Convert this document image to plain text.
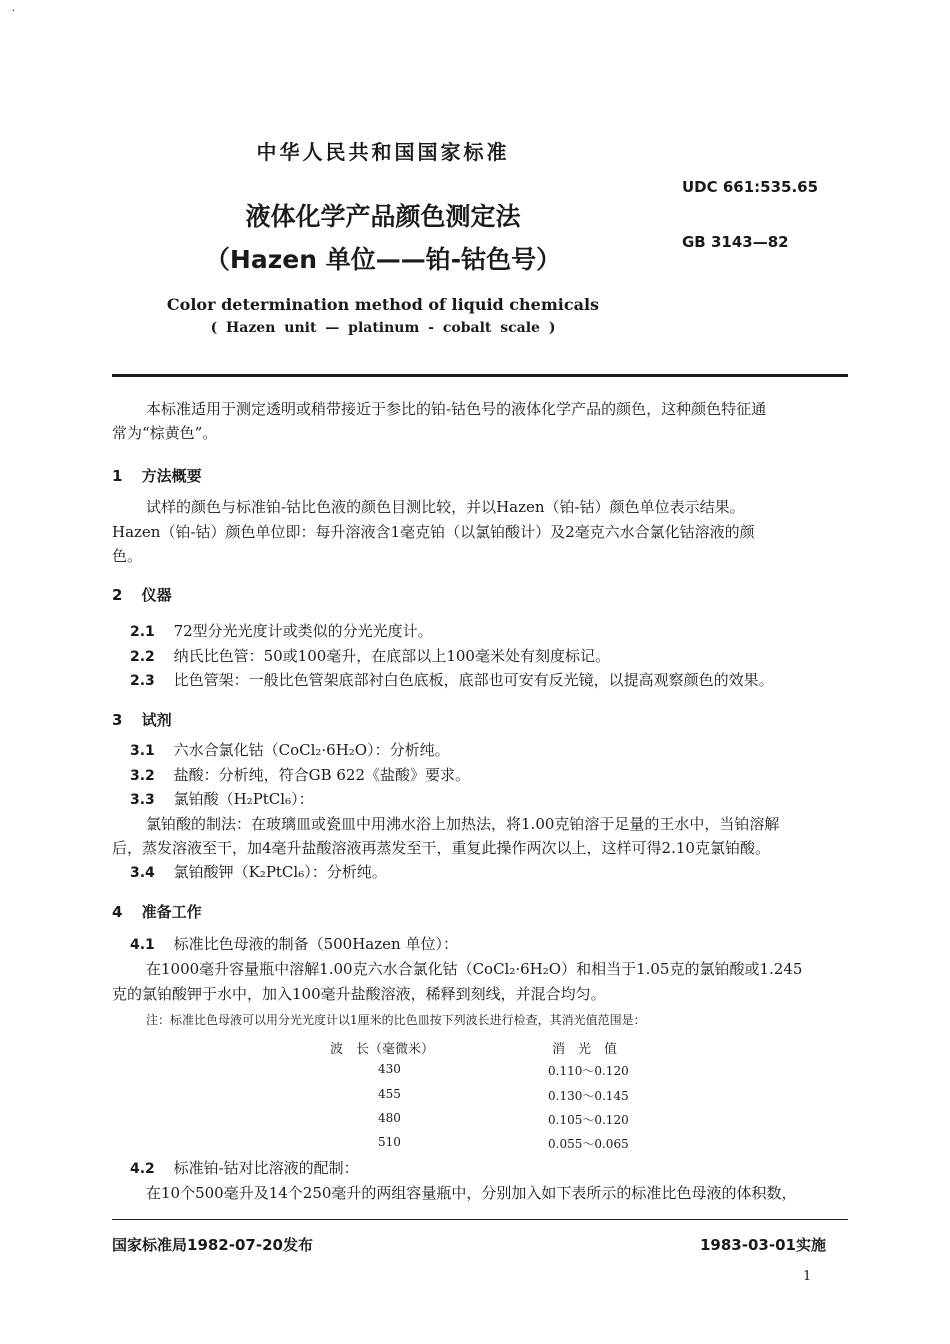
·
中华人民共和国国家标准
UDC 661:535.65
液体化学产品颜色测定法
GB 3143—82
（Hazen 单位——铂-钴色号）
Color determination method of liquid chemicals
( Hazen unit — platinum - cobalt scale )
本标准适用于测定透明或稍带接近于参比的铂-钴色号的液体化学产品的颜色，这种颜色特征通
常为“棕黄色”。
1 方法概要
试样的颜色与标准铂-钴比色液的颜色目测比较，并以Hazen（铂-钴）颜色单位表示结果。
Hazen（铂-钴）颜色单位即：每升溶液含1毫克铂（以氯铂酸计）及2毫克六水合氯化钴溶液的颜
色。
2 仪器
2.1 72型分光光度计或类似的分光光度计。
2.2 纳氏比色管：50或100毫升，在底部以上100毫米处有刻度标记。
2.3 比色管架：一般比色管架底部衬白色底板，底部也可安有反光镜，以提高观察颜色的效果。
3 试剂
3.1 六水合氯化钴（CoCl₂·6H₂O）：分析纯。
3.2 盐酸：分析纯，符合GB 622《盐酸》要求。
3.3 氯铂酸（H₂PtCl₆）：
氯铂酸的制法：在玻璃皿或瓷皿中用沸水浴上加热法，将1.00克铂溶于足量的王水中，当铂溶解
后，蒸发溶液至干，加4毫升盐酸溶液再蒸发至干，重复此操作两次以上，这样可得2.10克氯铂酸。
3.4 氯铂酸钾（K₂PtCl₆）：分析纯。
4 准备工作
4.1 标准比色母液的制备（500Hazen 单位）：
在1000毫升容量瓶中溶解1.00克六水合氯化钴（CoCl₂·6H₂O）和相当于1.05克的氯铂酸或1.245
克的氯铂酸钾于水中，加入100毫升盐酸溶液，稀释到刻线，并混合均匀。
注：标准比色母液可以用分光光度计以1厘米的比色皿按下列波长进行检查，其消光值范围是：
波　长（毫微米）	消　光　值
430	0.110～0.120
455	0.130～0.145
480	0.105～0.120
510	0.055～0.065
4.2 标准铂-钴对比溶液的配制：
在10个500毫升及14个250毫升的两组容量瓶中，分别加入如下表所示的标准比色母液的体积数，
国家标准局1982-07-20发布	1983-03-01实施
1
